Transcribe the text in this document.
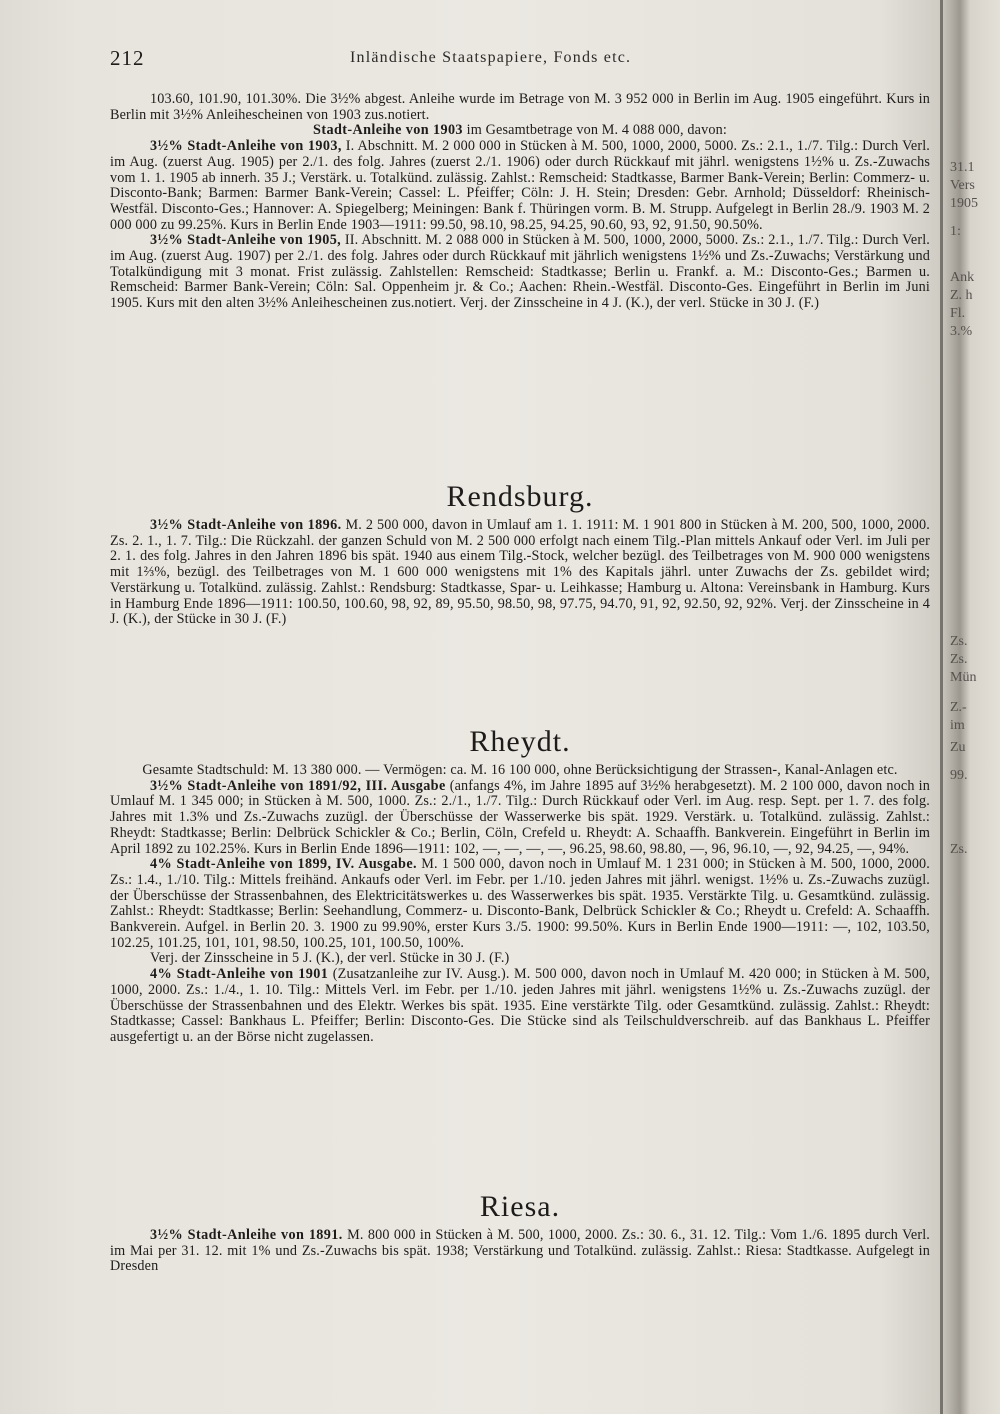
31.1
Vers
1905
1:
Ank
Z. h
Fl.
3.%
Zs.
Zs.
Mün
Z.-
im
Zu
99.
Zs.
212	Inländische Staatspapiere, Fonds etc.

103.60, 101.90, 101.30%. Die 3½% abgest. Anleihe wurde im Betrage von M. 3 952 000 in Berlin im Aug. 1905 eingeführt. Kurs in Berlin mit 3½% Anleihescheinen von 1903 zus.notiert.

Stadt-Anleihe von 1903 im Gesamtbetrage von M. 4 088 000, davon:

3½% Stadt-Anleihe von 1903, I. Abschnitt. M. 2 000 000 in Stücken à M. 500, 1000, 2000, 5000. Zs.: 2.1., 1./7. Tilg.: Durch Verl. im Aug. (zuerst Aug. 1905) per 2./1. des folg. Jahres (zuerst 2./1. 1906) oder durch Rückkauf mit jährl. wenigstens 1½% u. Zs.-Zuwachs vom 1. 1. 1905 ab innerh. 35 J.; Verstärk. u. Totalkünd. zulässig. Zahlst.: Remscheid: Stadtkasse, Barmer Bank-Verein; Berlin: Commerz- u. Disconto-Bank; Barmen: Barmer Bank-Verein; Cassel: L. Pfeiffer; Cöln: J. H. Stein; Dresden: Gebr. Arnhold; Düsseldorf: Rheinisch-Westfäl. Disconto-Ges.; Hannover: A. Spiegelberg; Meiningen: Bank f. Thüringen vorm. B. M. Strupp. Aufgelegt in Berlin 28./9. 1903 M. 2 000 000 zu 99.25%. Kurs in Berlin Ende 1903—1911: 99.50, 98.10, 98.25, 94.25, 90.60, 93, 92, 91.50, 90.50%.

3½% Stadt-Anleihe von 1905, II. Abschnitt. M. 2 088 000 in Stücken à M. 500, 1000, 2000, 5000. Zs.: 2.1., 1./7. Tilg.: Durch Verl. im Aug. (zuerst Aug. 1907) per 2./1. des folg. Jahres oder durch Rückkauf mit jährlich wenigstens 1½% und Zs.-Zuwachs; Verstärkung und Totalkündigung mit 3 monat. Frist zulässig. Zahlstellen: Remscheid: Stadtkasse; Berlin u. Frankf. a. M.: Disconto-Ges.; Barmen u. Remscheid: Barmer Bank-Verein; Cöln: Sal. Oppenheim jr. & Co.; Aachen: Rhein.-Westfäl. Disconto-Ges. Eingeführt in Berlin im Juni 1905. Kurs mit den alten 3½% Anleihescheinen zus.notiert. Verj. der Zinsscheine in 4 J. (K.), der verl. Stücke in 30 J. (F.)

Rendsburg.

3½% Stadt-Anleihe von 1896. M. 2 500 000, davon in Umlauf am 1. 1. 1911: M. 1 901 800 in Stücken à M. 200, 500, 1000, 2000. Zs. 2. 1., 1. 7. Tilg.: Die Rückzahl. der ganzen Schuld von M. 2 500 000 erfolgt nach einem Tilg.-Plan mittels Ankauf oder Verl. im Juli per 2. 1. des folg. Jahres in den Jahren 1896 bis spät. 1940 aus einem Tilg.-Stock, welcher bezügl. des Teilbetrages von M. 900 000 wenigstens mit 1⅔%, bezügl. des Teilbetrages von M. 1 600 000 wenigstens mit 1% des Kapitals jährl. unter Zuwachs der Zs. gebildet wird; Verstärkung u. Totalkünd. zulässig. Zahlst.: Rendsburg: Stadtkasse, Spar- u. Leihkasse; Hamburg u. Altona: Vereinsbank in Hamburg. Kurs in Hamburg Ende 1896—1911: 100.50, 100.60, 98, 92, 89, 95.50, 98.50, 98, 97.75, 94.70, 91, 92, 92.50, 92, 92%. Verj. der Zinsscheine in 4 J. (K.), der Stücke in 30 J. (F.)

Rheydt.

Gesamte Stadtschuld: M. 13 380 000. — Vermögen: ca. M. 16 100 000, ohne Berücksichtigung der Strassen-, Kanal-Anlagen etc.

3½% Stadt-Anleihe von 1891/92, III. Ausgabe (anfangs 4%, im Jahre 1895 auf 3½% herabgesetzt). M. 2 100 000, davon noch in Umlauf M. 1 345 000; in Stücken à M. 500, 1000. Zs.: 2./1., 1./7. Tilg.: Durch Rückkauf oder Verl. im Aug. resp. Sept. per 1. 7. des folg. Jahres mit 1.3% und Zs.-Zuwachs zuzügl. der Überschüsse der Wasserwerke bis spät. 1929. Verstärk. u. Totalkünd. zulässig. Zahlst.: Rheydt: Stadtkasse; Berlin: Delbrück Schickler & Co.; Berlin, Cöln, Crefeld u. Rheydt: A. Schaaffh. Bankverein. Eingeführt in Berlin im April 1892 zu 102.25%. Kurs in Berlin Ende 1896—1911: 102, —, —, —, —, 96.25, 98.60, 98.80, —, 96, 96.10, —, 92, 94.25, —, 94%.

4% Stadt-Anleihe von 1899, IV. Ausgabe. M. 1 500 000, davon noch in Umlauf M. 1 231 000; in Stücken à M. 500, 1000, 2000. Zs.: 1.4., 1./10. Tilg.: Mittels freihänd. Ankaufs oder Verl. im Febr. per 1./10. jeden Jahres mit jährl. wenigst. 1½% u. Zs.-Zuwachs zuzügl. der Überschüsse der Strassenbahnen, des Elektricitätswerkes u. des Wasserwerkes bis spät. 1935. Verstärkte Tilg. u. Gesamtkünd. zulässig. Zahlst.: Rheydt: Stadtkasse; Berlin: Seehandlung, Commerz- u. Disconto-Bank, Delbrück Schickler & Co.; Rheydt u. Crefeld: A. Schaaffh. Bankverein. Aufgel. in Berlin 20. 3. 1900 zu 99.90%, erster Kurs 3./5. 1900: 99.50%. Kurs in Berlin Ende 1900—1911: —, 102, 103.50, 102.25, 101.25, 101, 101, 98.50, 100.25, 101, 100.50, 100%.

Verj. der Zinsscheine in 5 J. (K.), der verl. Stücke in 30 J. (F.)

4% Stadt-Anleihe von 1901 (Zusatzanleihe zur IV. Ausg.). M. 500 000, davon noch in Umlauf M. 420 000; in Stücken à M. 500, 1000, 2000. Zs.: 1./4., 1. 10. Tilg.: Mittels Verl. im Febr. per 1./10. jeden Jahres mit jährl. wenigstens 1½% u. Zs.-Zuwachs zuzügl. der Überschüsse der Strassenbahnen und des Elektr. Werkes bis spät. 1935. Eine verstärkte Tilg. oder Gesamtkünd. zulässig. Zahlst.: Rheydt: Stadtkasse; Cassel: Bankhaus L. Pfeiffer; Berlin: Disconto-Ges. Die Stücke sind als Teilschuldverschreib. auf das Bankhaus L. Pfeiffer ausgefertigt u. an der Börse nicht zugelassen.

Riesa.

3½% Stadt-Anleihe von 1891. M. 800 000 in Stücken à M. 500, 1000, 2000. Zs.: 30. 6., 31. 12. Tilg.: Vom 1./6. 1895 durch Verl. im Mai per 31. 12. mit 1% und Zs.-Zuwachs bis spät. 1938; Verstärkung und Totalkünd. zulässig. Zahlst.: Riesa: Stadtkasse. Aufgelegt in Dresden
